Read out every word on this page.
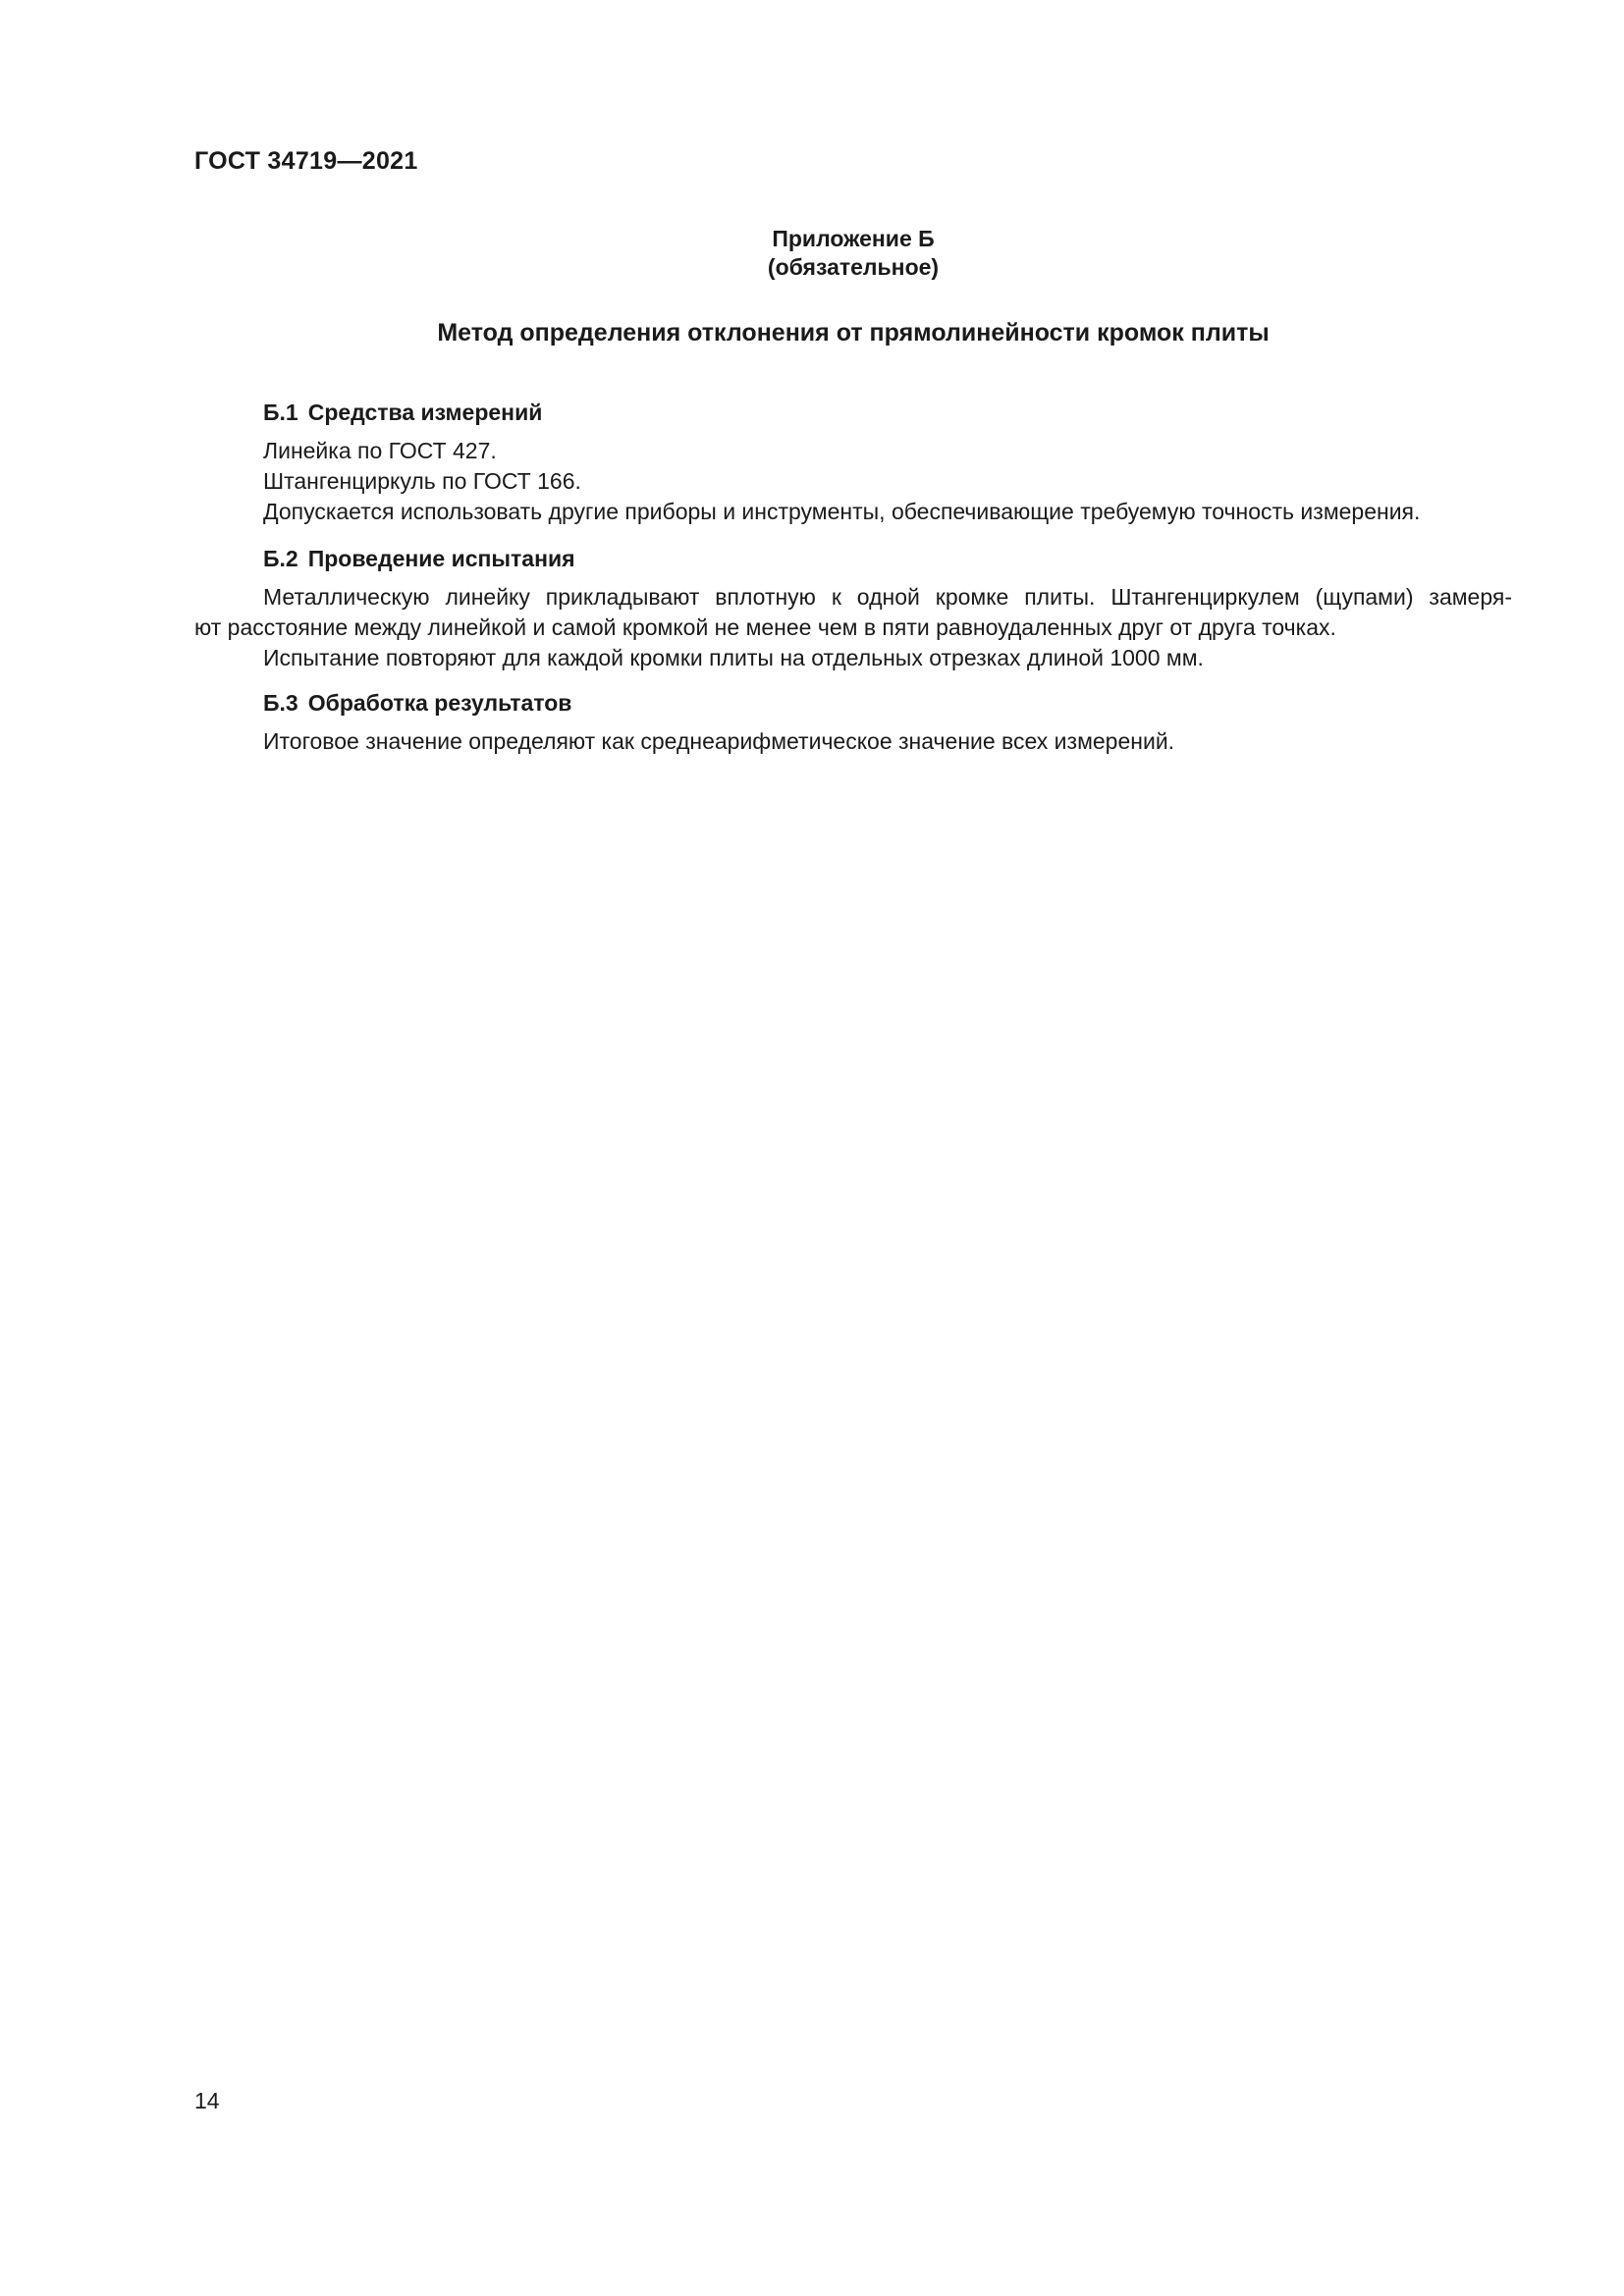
ГОСТ 34719—2021
Приложение Б
(обязательное)
Метод определения отклонения от прямолинейности кромок плиты
Б.1 Средства измерений
Линейка по ГОСТ 427.
Штангенциркуль по ГОСТ 166.
Допускается использовать другие приборы и инструменты, обеспечивающие требуемую точность измерения.
Б.2 Проведение испытания
Металлическую линейку прикладывают вплотную к одной кромке плиты. Штангенциркулем (щупами) замеря-
ют расстояние между линейкой и самой кромкой не менее чем в пяти равноудаленных друг от друга точках.
Испытание повторяют для каждой кромки плиты на отдельных отрезках длиной 1000 мм.
Б.3 Обработка результатов
Итоговое значение определяют как среднеарифметическое значение всех измерений.
14
